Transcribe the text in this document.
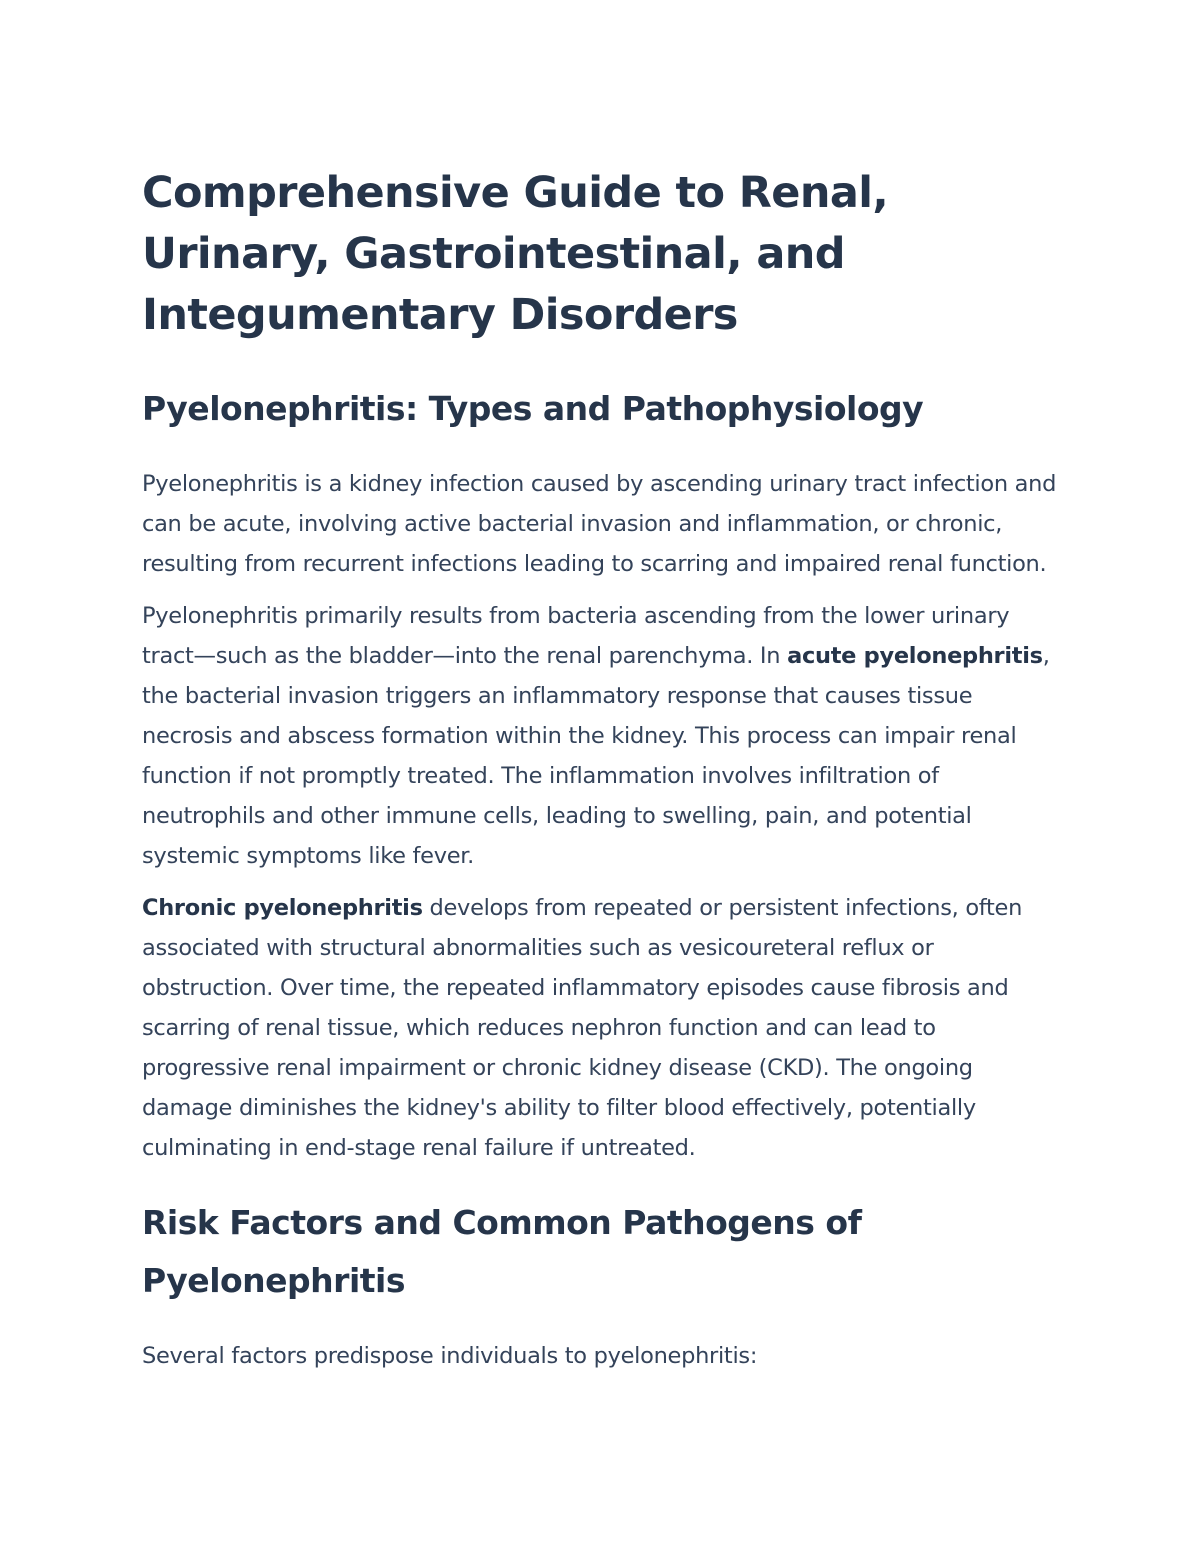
Comprehensive Guide to Renal, Urinary, Gastrointestinal, and Integumentary Disorders
Pyelonephritis: Types and Pathophysiology

Pyelonephritis is a kidney infection caused by ascending urinary tract infection and can be acute, involving active bacterial invasion and inflammation, or chronic, resulting from recurrent infections leading to scarring and impaired renal function.

Pyelonephritis primarily results from bacteria ascending from the lower urinary tract—such as the bladder—into the renal parenchyma. In acute pyelonephritis, the bacterial invasion triggers an inflammatory response that causes tissue necrosis and abscess formation within the kidney. This process can impair renal function if not promptly treated. The inflammation involves infiltration of neutrophils and other immune cells, leading to swelling, pain, and potential systemic symptoms like fever.

Chronic pyelonephritis develops from repeated or persistent infections, often associated with structural abnormalities such as vesicoureteral reflux or obstruction. Over time, the repeated inflammatory episodes cause fibrosis and scarring of renal tissue, which reduces nephron function and can lead to progressive renal impairment or chronic kidney disease (CKD). The ongoing damage diminishes the kidney's ability to filter blood effectively, potentially culminating in end-stage renal failure if untreated.

Risk Factors and Common Pathogens of Pyelonephritis

Several factors predispose individuals to pyelonephritis:
